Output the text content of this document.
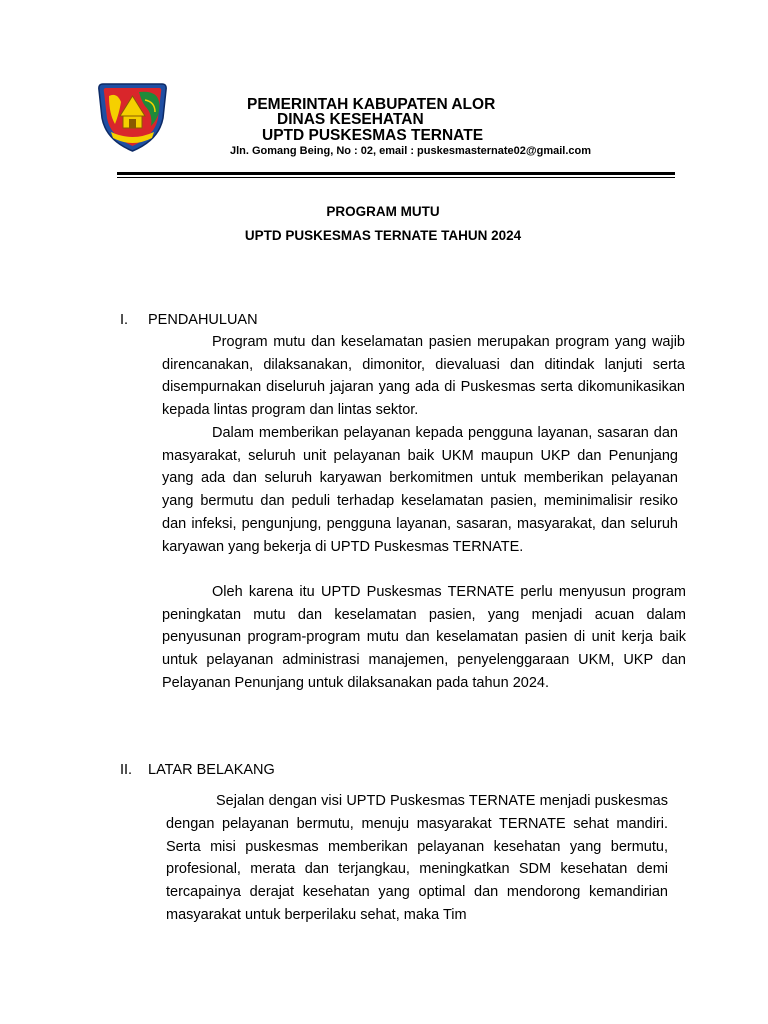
PEMERINTAH KABUPATEN ALOR
DINAS KESEHATAN
UPTD PUSKESMAS TERNATE
Jln. Gomang Being, No : 02, email : puskesmasternate02@gmail.com
PROGRAM MUTU
UPTD PUSKESMAS TERNATE TAHUN 2024
I. PENDAHULUAN
Program mutu dan keselamatan pasien merupakan program yang wajib direncanakan, dilaksanakan, dimonitor, dievaluasi dan ditindak lanjuti serta disempurnakan diseluruh jajaran yang ada di Puskesmas serta dikomunikasikan kepada lintas program dan lintas sektor.
Dalam memberikan pelayanan kepada pengguna layanan, sasaran dan masyarakat, seluruh unit pelayanan baik UKM maupun UKP dan Penunjang yang ada dan seluruh karyawan berkomitmen untuk memberikan pelayanan yang bermutu dan peduli terhadap keselamatan pasien, meminimalisir resiko dan infeksi, pengunjung, pengguna layanan, sasaran, masyarakat, dan seluruh karyawan yang bekerja di UPTD Puskesmas TERNATE.
Oleh karena itu UPTD Puskesmas TERNATE perlu menyusun program peningkatan mutu dan keselamatan pasien, yang menjadi acuan dalam penyusunan program-program mutu dan keselamatan pasien di unit kerja baik untuk pelayanan administrasi manajemen, penyelenggaraan UKM, UKP dan Pelayanan Penunjang untuk dilaksanakan pada tahun 2024.
II. LATAR BELAKANG
Sejalan dengan visi UPTD Puskesmas TERNATE menjadi puskesmas dengan pelayanan bermutu, menuju masyarakat TERNATE sehat mandiri. Serta misi puskesmas memberikan pelayanan kesehatan yang bermutu, profesional, merata dan terjangkau, meningkatkan SDM kesehatan demi tercapainya derajat kesehatan yang optimal dan mendorong kemandirian masyarakat untuk berperilaku sehat, maka Tim
